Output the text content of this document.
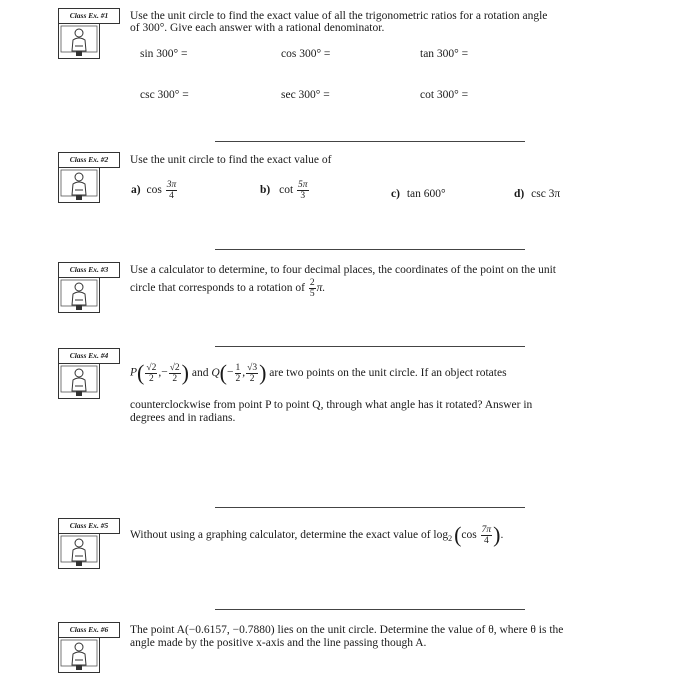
Class Ex. #1
Class Ex. #2
Class Ex. #3
Class Ex. #4
Class Ex. #5
Class Ex. #6
Use the unit circle to find the exact value of all the trigonometric ratios for a rotation angle
of 300°. Give each answer with a rational denominator.
sin 300° =	cos 300° =	tan 300° =
csc 300° =	sec 300° =	cot 300° =
Use the unit circle to find the exact value of
a) $\cos \frac{3\pi}{4}$	b) $\cot \frac{5\pi}{3}$	c) tan 600°	d) csc 3π
Use a calculator to determine, to four decimal places, the coordinates of the point on the unit
circle that corresponds to a rotation of $\frac{2}{5} \pi$.
$P( \frac{√2}{2}$ ,− $\frac{√2}{2}$ ) and $Q(- \frac{1}{2}$ , $\frac{√3}{2}$ ) are two points on the unit circle. If an object rotates
counterclockwise from point P to point Q, through what angle has it rotated? Answer in
degrees and in radians.
Without using a graphing calculator, determine the exact value of $\log_2(\cos \frac{7\pi}{4}$ ).
The point A(−0.6157, −0.7880) lies on the unit circle. Determine the value of θ, where θ is the
angle made by the positive x-axis and the line passing though A.
